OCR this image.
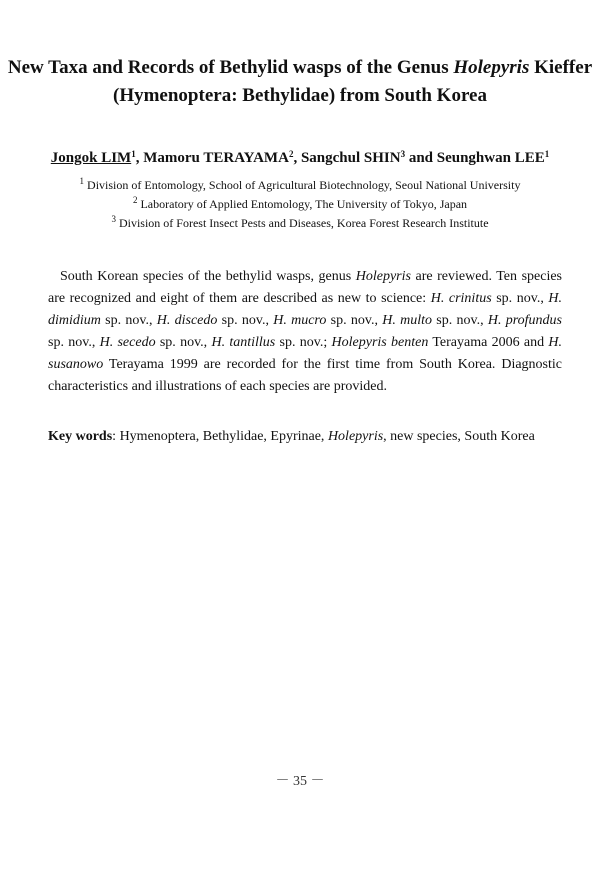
New Taxa and Records of Bethylid wasps of the Genus Holepyris Kieffer
(Hymenoptera: Bethylidae) from South Korea
Jongok LIM$^1$, Mamoru TERAYAMA$^2$, Sangchul SHIN$^3$ and Seunghwan LEE$^1$
$^1$ Division of Entomology, School of Agricultural Biotechnology, Seoul National University
$^2$ Laboratory of Applied Entomology, The University of Tokyo, Japan
$^3$ Division of Forest Insect Pests and Diseases, Korea Forest Research Institute

South Korean species of the bethylid wasps, genus Holepyris are reviewed. Ten species are recognized and eight of them are described as new to science: H. crinitus sp. nov., H. dimidium sp. nov., H. discedo sp. nov., H. mucro sp. nov., H. multo sp. nov., H. profundus sp. nov., H. secedo sp. nov., H. tantillus sp. nov.; Holepyris benten Terayama 2006 and H. susanowo Terayama 1999 are recorded for the first time from South Korea. Diagnostic characteristics and illustrations of each species are provided.

Key words: Hymenoptera, Bethylidae, Epyrinae, Holepyris, new species, South Korea

－ 35 －
